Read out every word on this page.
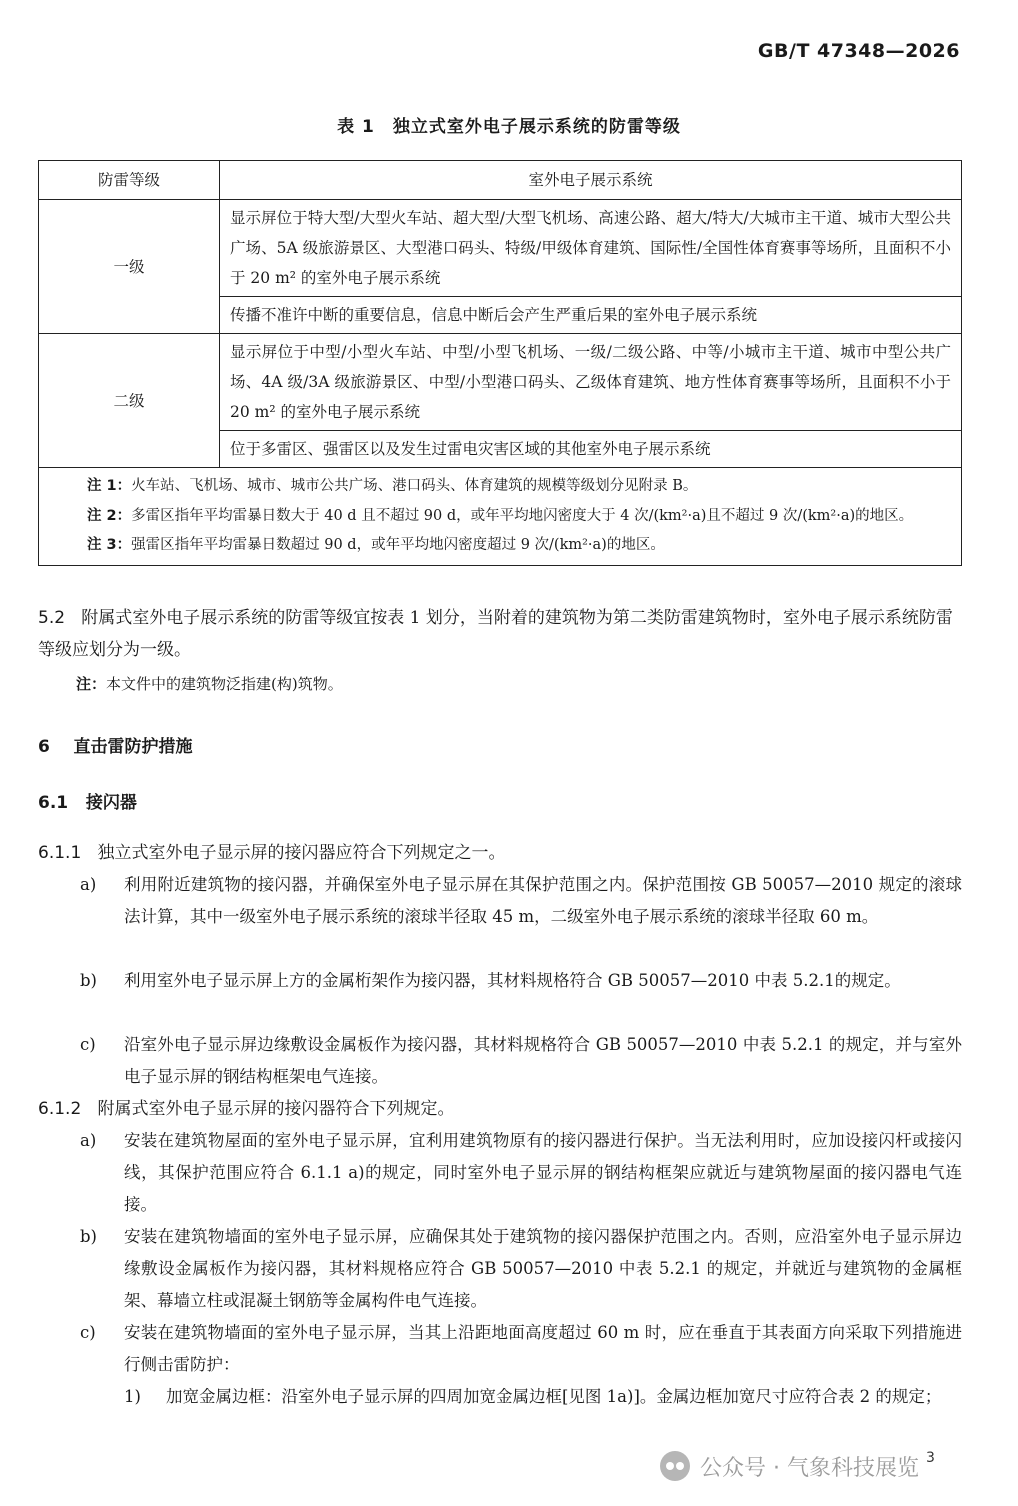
GB/T 47348—2026
表 1　独立式室外电子展示系统的防雷等级
防雷等级	室外电子展示系统
一级	显示屏位于特大型/大型火车站、超大型/大型飞机场、高速公路、超大/特大/大城市主干道、城市大型公共广场、5A 级旅游景区、大型港口码头、特级/甲级体育建筑、国际性/全国性体育赛事等场所，且面积不小于 20 m² 的室外电子展示系统
	传播不准许中断的重要信息，信息中断后会产生严重后果的室外电子展示系统
二级	显示屏位于中型/小型火车站、中型/小型飞机场、一级/二级公路、中等/小城市主干道、城市中型公共广场、4A 级/3A 级旅游景区、中型/小型港口码头、乙级体育建筑、地方性体育赛事等场所，且面积不小于 20 m² 的室外电子展示系统
	位于多雷区、强雷区以及发生过雷电灾害区域的其他室外电子展示系统

注 1：火车站、飞机场、城市、城市公共广场、港口码头、体育建筑的规模等级划分见附录 B。
注 2：多雷区指年平均雷暴日数大于 40 d 且不超过 90 d，或年平均地闪密度大于 4 次/(km²·a)且不超过 9 次/(km²·a)的地区。
注 3：强雷区指年平均雷暴日数超过 90 d，或年平均地闪密度超过 9 次/(km²·a)的地区。	
5.2 附属式室外电子展示系统的防雷等级宜按表 1 划分，当附着的建筑物为第二类防雷建筑物时，室外电子展示系统防雷等级应划分为一级。
注：本文件中的建筑物泛指建(构)筑物。
6 直击雷防护措施
6.1 接闪器
6.1.1 独立式室外电子显示屏的接闪器应符合下列规定之一。
a) 利用附近建筑物的接闪器，并确保室外电子显示屏在其保护范围之内。保护范围按 GB 50057—2010 规定的滚球法计算，其中一级室外电子展示系统的滚球半径取 45 m，二级室外电子展示系统的滚球半径取 60 m。
b) 利用室外电子显示屏上方的金属桁架作为接闪器，其材料规格符合 GB 50057—2010 中表 5.2.1的规定。
c) 沿室外电子显示屏边缘敷设金属板作为接闪器，其材料规格符合 GB 50057—2010 中表 5.2.1 的规定，并与室外电子显示屏的钢结构框架电气连接。
6.1.2 附属式室外电子显示屏的接闪器符合下列规定。
a) 安装在建筑物屋面的室外电子显示屏，宜利用建筑物原有的接闪器进行保护。当无法利用时，应加设接闪杆或接闪线，其保护范围应符合 6.1.1 a)的规定，同时室外电子显示屏的钢结构框架应就近与建筑物屋面的接闪器电气连接。
b) 安装在建筑物墙面的室外电子显示屏，应确保其处于建筑物的接闪器保护范围之内。否则，应沿室外电子显示屏边缘敷设金属板作为接闪器，其材料规格应符合 GB 50057—2010 中表 5.2.1 的规定，并就近与建筑物的金属框架、幕墙立柱或混凝土钢筋等金属构件电气连接。
c) 安装在建筑物墙面的室外电子显示屏，当其上沿距地面高度超过 60 m 时，应在垂直于其表面方向采取下列措施进行侧击雷防护：
1) 加宽金属边框：沿室外电子显示屏的四周加宽金属边框[见图 1a)]。金属边框加宽尺寸应符合表 2 的规定；
公众号 · 气象科技展览 3
